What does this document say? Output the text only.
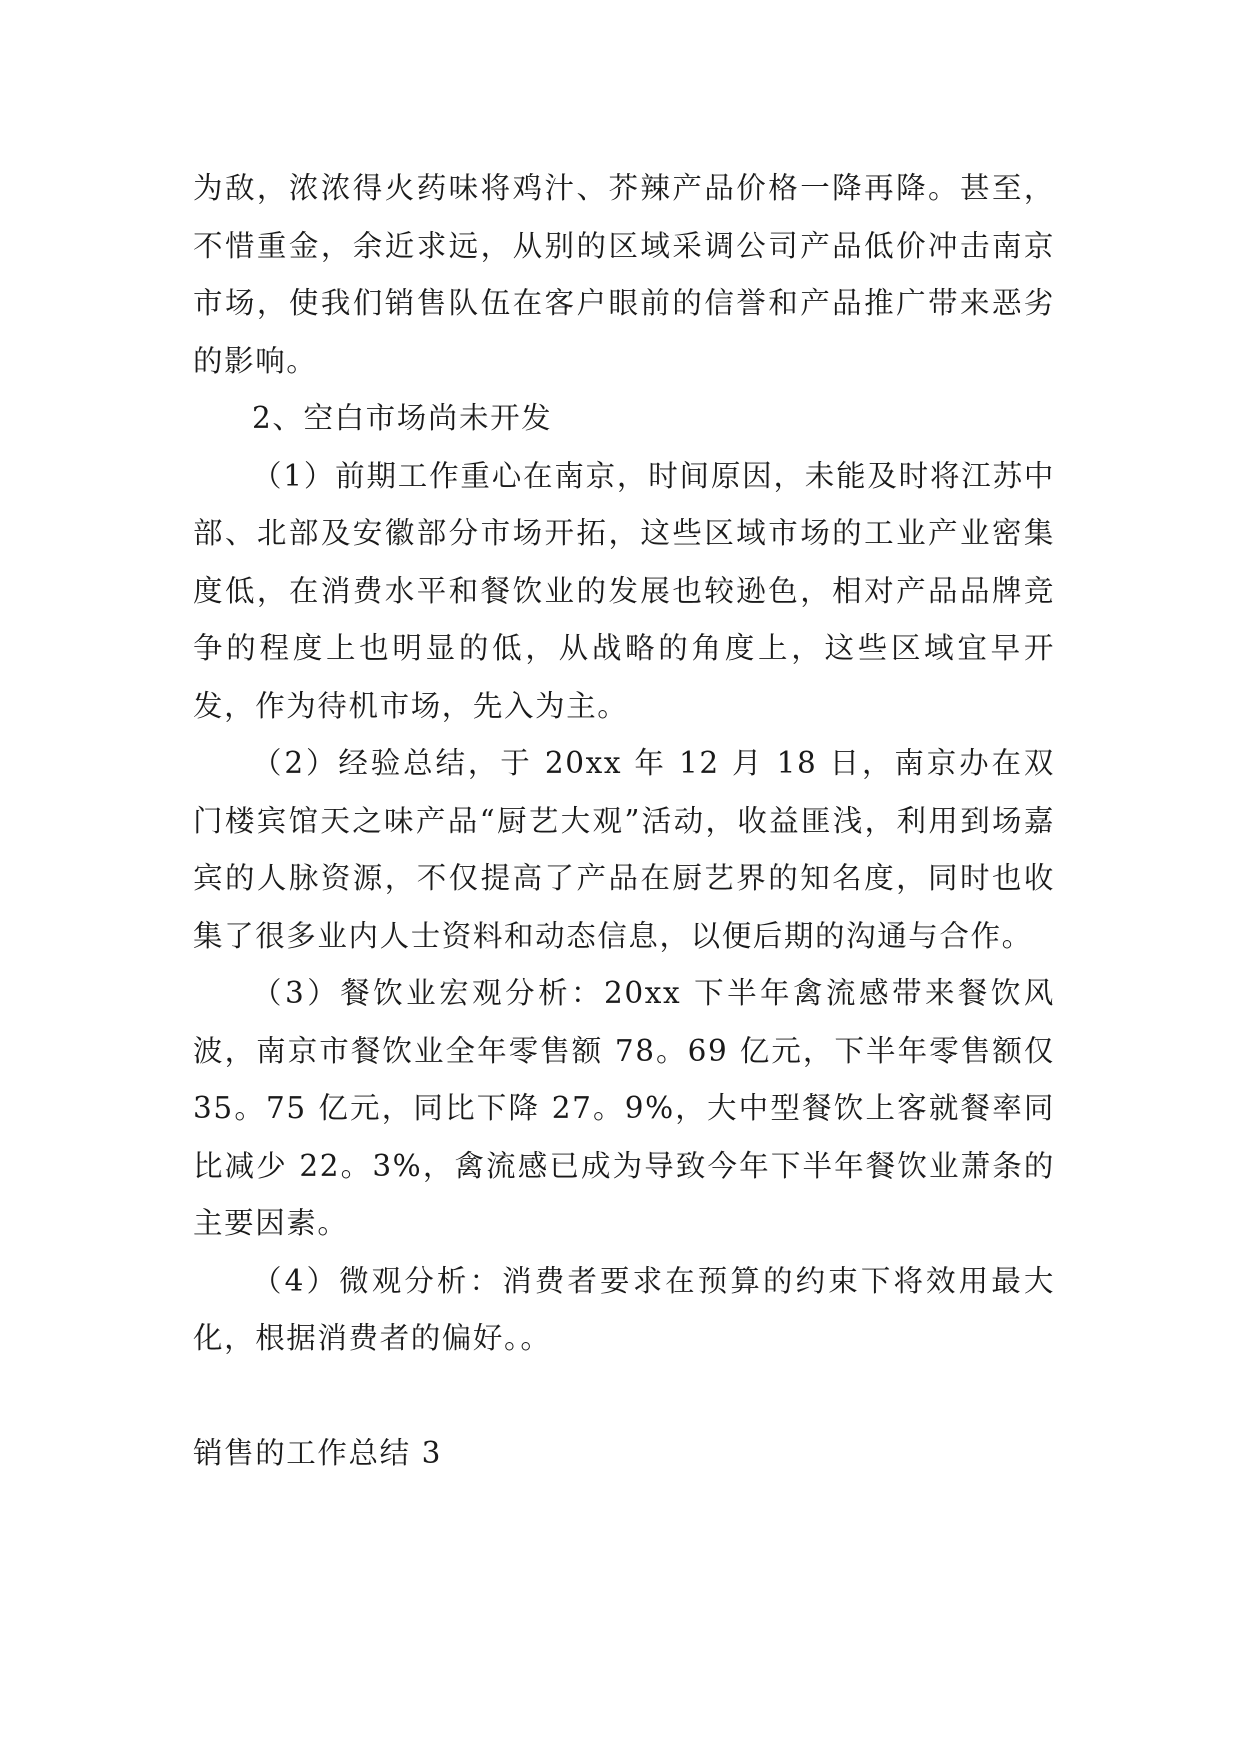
为敌，浓浓得火药味将鸡汁、芥辣产品价格一降再降。甚至，不惜重金，余近求远，从别的区域采调公司产品低价冲击南京市场，使我们销售队伍在客户眼前的信誉和产品推广带来恶劣的影响。

2、空白市场尚未开发

（1）前期工作重心在南京，时间原因，未能及时将江苏中部、北部及安徽部分市场开拓，这些区域市场的工业产业密集度低，在消费水平和餐饮业的发展也较逊色，相对产品品牌竞争的程度上也明显的低，从战略的角度上，这些区域宜早开发，作为待机市场，先入为主。

（2）经验总结，于 20xx 年 12 月 18 日，南京办在双门楼宾馆天之味产品“厨艺大观”活动，收益匪浅，利用到场嘉宾的人脉资源，不仅提高了产品在厨艺界的知名度，同时也收集了很多业内人士资料和动态信息，以便后期的沟通与合作。

（3）餐饮业宏观分析：20xx 下半年禽流感带来餐饮风波，南京市餐饮业全年零售额 78。69 亿元，下半年零售额仅 35。75 亿元，同比下降 27。9%，大中型餐饮上客就餐率同比减少 22。3%，禽流感已成为导致今年下半年餐饮业萧条的主要因素。

（4）微观分析：消费者要求在预算的约束下将效用最大化，根据消费者的偏好。。

销售的工作总结 3
